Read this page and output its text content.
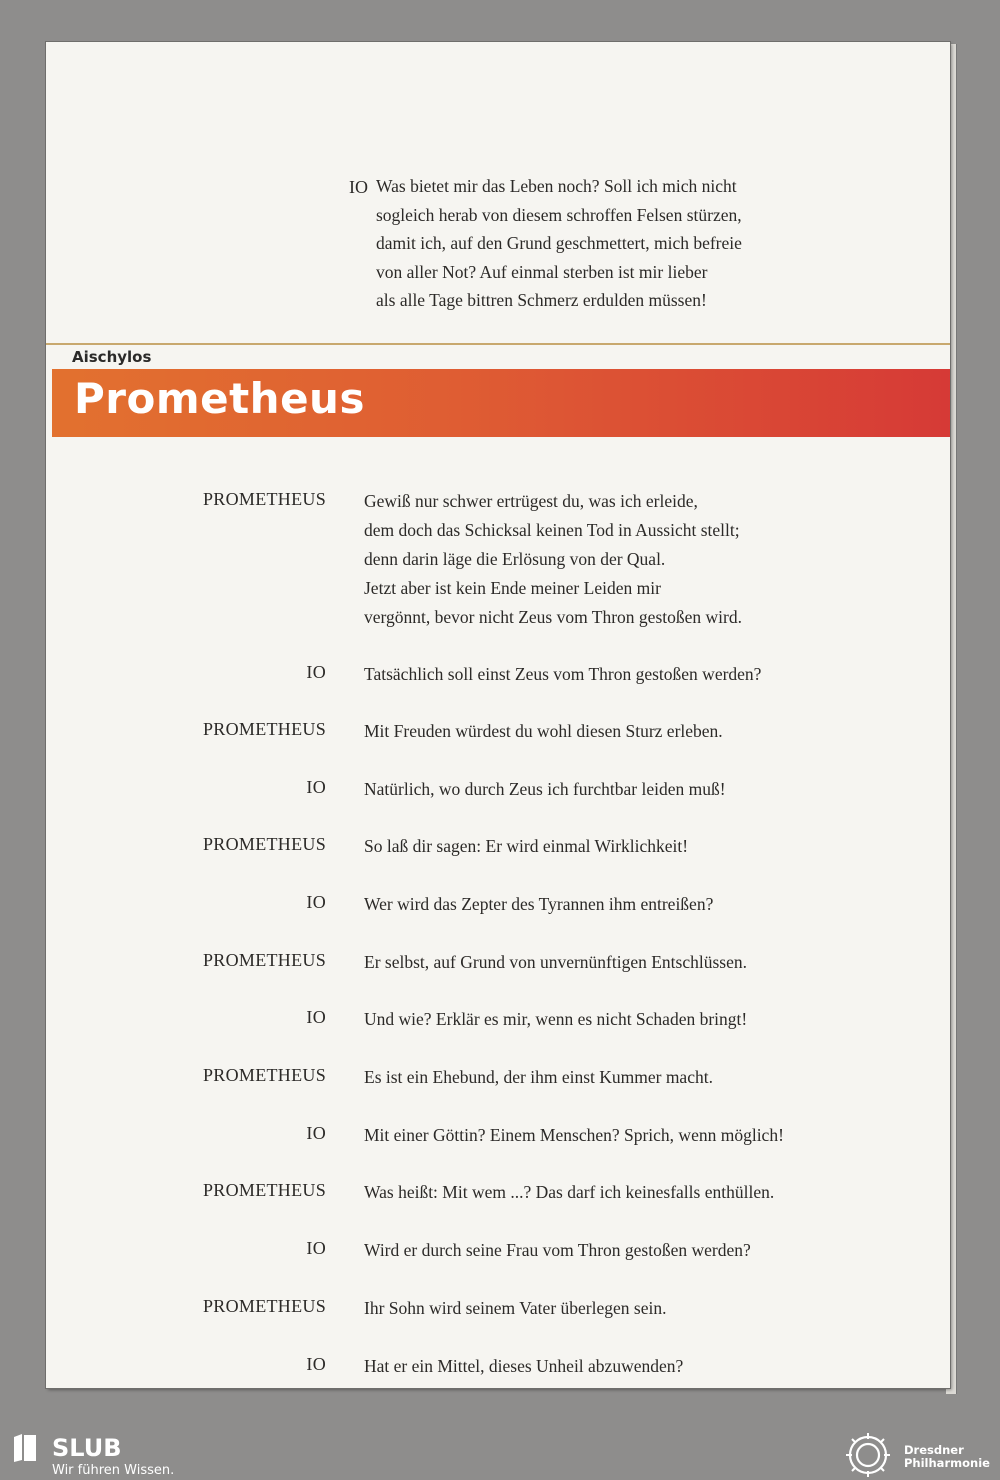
IO Was bietet mir das Leben noch? Soll ich mich nicht
sogleich herab von diesem schroffen Felsen stürzen,
damit ich, auf den Grund geschmettert, mich befreie
von aller Not? Auf einmal sterben ist mir lieber
als alle Tage bittren Schmerz erdulden müssen!
Aischylos
Prometheus
PROMETHEUS Gewiß nur schwer ertrügest du, was ich erleide,
dem doch das Schicksal keinen Tod in Aussicht stellt;
denn darin läge die Erlösung von der Qual.
Jetzt aber ist kein Ende meiner Leiden mir
vergönnt, bevor nicht Zeus vom Thron gestoßen wird.
IO Tatsächlich soll einst Zeus vom Thron gestoßen werden?
PROMETHEUS Mit Freuden würdest du wohl diesen Sturz erleben.
IO Natürlich, wo durch Zeus ich furchtbar leiden muß!
PROMETHEUS So laß dir sagen: Er wird einmal Wirklichkeit!
IO Wer wird das Zepter des Tyrannen ihm entreißen?
PROMETHEUS Er selbst, auf Grund von unvernünftigen Entschlüssen.
IO Und wie? Erklär es mir, wenn es nicht Schaden bringt!
PROMETHEUS Es ist ein Ehebund, der ihm einst Kummer macht.
IO Mit einer Göttin? Einem Menschen? Sprich, wenn möglich!
PROMETHEUS Was heißt: Mit wem ...? Das darf ich keinesfalls enthüllen.
IO Wird er durch seine Frau vom Thron gestoßen werden?
PROMETHEUS Ihr Sohn wird seinem Vater überlegen sein.
IO Hat er ein Mittel, dieses Unheil abzuwenden?
SLUB
Wir führen Wissen.
Dresdner
Philharmonie
